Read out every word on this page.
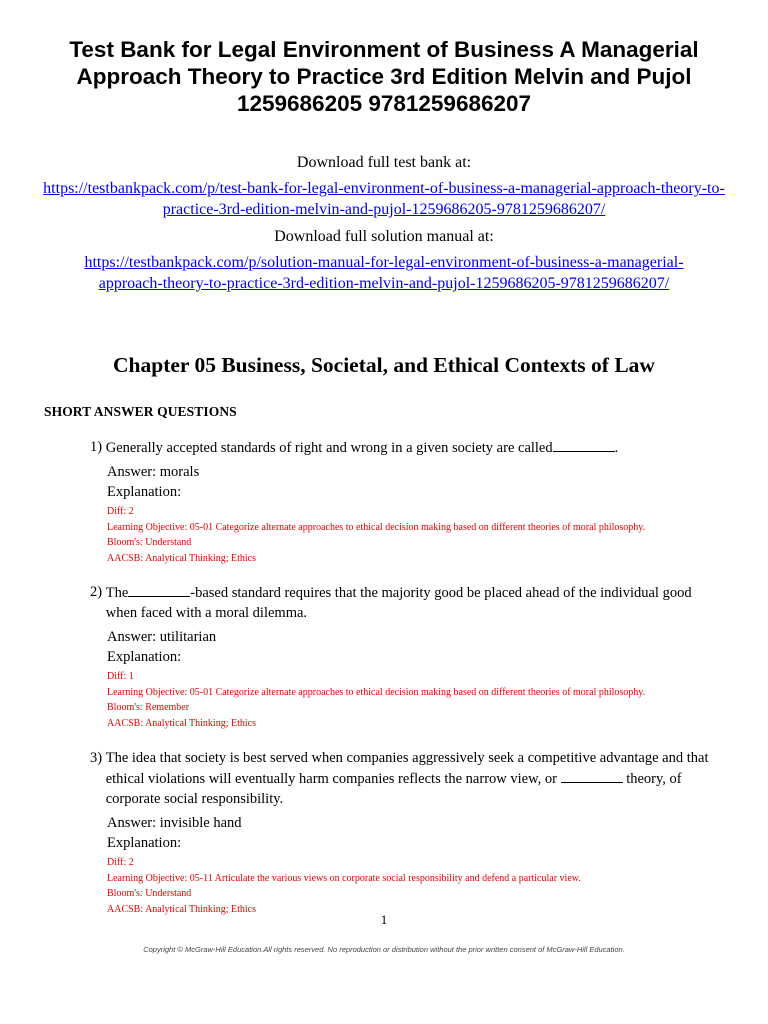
Test Bank for Legal Environment of Business A Managerial Approach Theory to Practice 3rd Edition Melvin and Pujol 1259686205 9781259686207
Download full test bank at:
https://testbankpack.com/p/test-bank-for-legal-environment-of-business-a-managerial-approach-theory-to-practice-3rd-edition-melvin-and-pujol-1259686205-9781259686207/
Download full solution manual at:
https://testbankpack.com/p/solution-manual-for-legal-environment-of-business-a-managerial-approach-theory-to-practice-3rd-edition-melvin-and-pujol-1259686205-9781259686207/
Chapter 05 Business, Societal, and Ethical Contexts of Law
SHORT ANSWER QUESTIONS
1)
Generally accepted standards of right and wrong in a given society are called	.
Answer: morals
Explanation:
Diff: 2
Learning Objective: 05-01 Categorize alternate approaches to ethical decision making based on different theories of moral philosophy.
Bloom's: Understand
AACSB: Analytical Thinking; Ethics
2)
The	-based standard requires that the majority good be placed ahead of the individual good when faced with a moral dilemma.
Answer: utilitarian
Explanation:
Diff: 1
Learning Objective: 05-01 Categorize alternate approaches to ethical decision making based on different theories of moral philosophy.
Bloom's: Remember
AACSB: Analytical Thinking; Ethics
3)
The idea that society is best served when companies aggressively seek a competitive advantage and that ethical violations will eventually harm companies reflects the narrow view, or	theory, of corporate social responsibility.
Answer: invisible hand
Explanation:
Diff: 2
Learning Objective: 05-11 Articulate the various views on corporate social responsibility and defend a particular view.
Bloom's: Understand
AACSB: Analytical Thinking; Ethics
1
Copyright © McGraw-Hill Education.All rights reserved. No reproduction or distribution without the prior written consent of McGraw-Hill Education.
